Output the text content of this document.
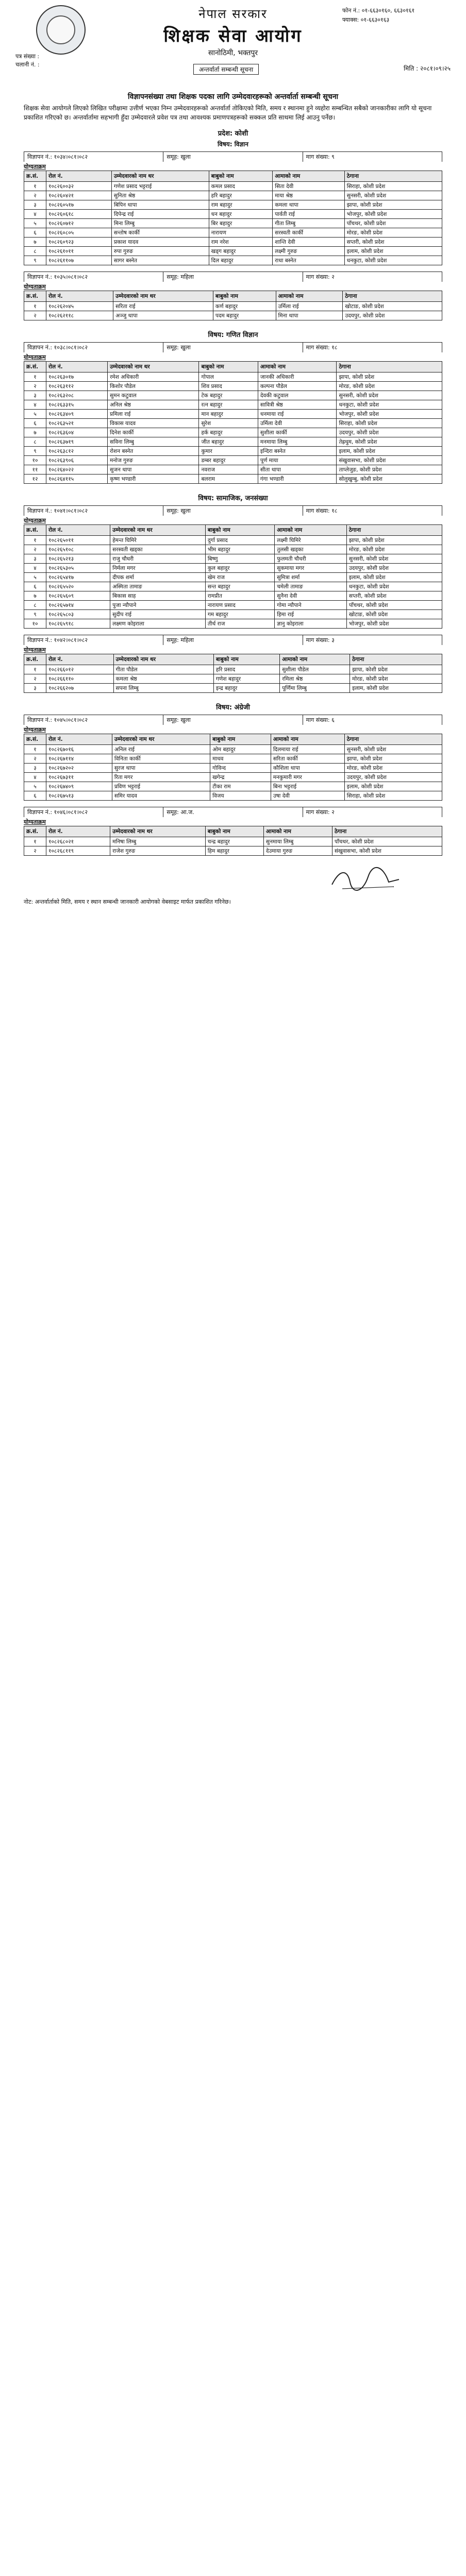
नेपाल सरकार
शिक्षक सेवा आयोग
सानोठिमी, भक्तपुर
फोन नं.: ०१-६६३०१६०, ६६३०१६१
फ्याक्स: ०१-६६३०१६३
पत्र संख्या :
चलानी नं. :
अन्तर्वार्ता सम्बन्धी सूचना	मिति : २०८१।०९।२५
विज्ञापनसंख्या तथा शिक्षक पदका लागि उम्मेदवारहरूको अन्तर्वार्ता सम्बन्धी सूचना
शिक्षक सेवा आयोगले लिएको लिखित परीक्षामा उत्तीर्ण भएका निम्न उम्मेदवारहरूको अन्तर्वार्ता तोकिएको मिति, समय र स्थानमा हुने व्यहोरा सम्बन्धित सबैको जानकारीका लागि यो सूचना प्रकाशित गरिएको छ। अन्तर्वार्तामा सहभागी हुँदा उम्मेदवारले प्रवेश पत्र तथा आवश्यक प्रमाणपत्रहरूको सक्कल प्रति साथमा लिई आउनु पर्नेछ।
प्रदेश: कोशी
विषय: विज्ञान
विज्ञापन नं.: १०३४।०८१।०८२	समूह: खुला	माग संख्या: ९
योग्यताक्रम
क्र.सं.	रोल नं.	उम्मेदवारको नाम थर	बाबुको नाम	आमाको नाम	ठेगाना
१	१०८२६००३२	गणेश प्रसाद भट्टराई	कमल प्रसाद	सिता देवी	सिराहा, कोशी प्रदेश
२	१०८२६०४२१	सुनिता श्रेष्ठ	हरि बहादुर	माया श्रेष्ठ	सुनसरी, कोशी प्रदेश
३	१०८२६०५१७	बिपिन थापा	राम बहादुर	कमला थापा	झापा, कोशी प्रदेश
४	१०८२६०६१८	दिपेन्द्र राई	धन बहादुर	पार्वती राई	भोजपुर, कोशी प्रदेश
५	१०८२६०७१२	मिना लिम्बु	बिर बहादुर	गीता लिम्बु	पाँचथर, कोशी प्रदेश
६	१०८२६०८०५	सन्तोष कार्की	नारायण	सरस्वती कार्की	मोरङ, कोशी प्रदेश
७	१०८२६०९२३	प्रकाश यादव	राम नरेश	शान्ति देवी	सप्तरी, कोशी प्रदेश
८	१०८२६१०११	रुपा गुरुङ	खड्ग बहादुर	लक्ष्मी गुरुङ	इलाम, कोशी प्रदेश
९	१०८२६११०७	सागर बस्नेत	दिल बहादुर	राधा बस्नेत	धनकुटा, कोशी प्रदेश
विज्ञापन नं.: १०३५।०८१।०८२	समूह: महिला	माग संख्या: २
योग्यताक्रम
क्र.सं.	रोल नं.	उम्मेदवारको नाम थर	बाबुको नाम	आमाको नाम	ठेगाना
१	१०८२६२०४५	सरिता राई	कर्ण बहादुर	उर्मिला राई	खोटाङ, कोशी प्रदेश
२	१०८२६२११८	अञ्जु थापा	पदम बहादुर	मिना थापा	उदयपुर, कोशी प्रदेश
विषय: गणित विज्ञान
विज्ञापन नं.: १०३८।०८१।०८२	समूह: खुला	माग संख्या: १८
योग्यताक्रम
क्र.सं.	रोल नं.	उम्मेदवारको नाम थर	बाबुको नाम	आमाको नाम	ठेगाना
१	१०८२६३०१७	रमेश अधिकारी	गोपाल	जानकी अधिकारी	झापा, कोशी प्रदेश
२	१०८२६३११२	किशोर पौडेल	शिव प्रसाद	कल्पना पौडेल	मोरङ, कोशी प्रदेश
३	१०८२६३२०८	सुमन कटुवाल	टेक बहादुर	देवकी कटुवाल	सुनसरी, कोशी प्रदेश
४	१०८२६३३१५	अनिल श्रेष्ठ	रत्न बहादुर	सावित्री श्रेष्ठ	धनकुटा, कोशी प्रदेश
५	१०८२६३४०९	प्रमिला राई	मान बहादुर	धनमाया राई	भोजपुर, कोशी प्रदेश
६	१०८२६३५२१	विकास यादव	सुरेश	उर्मिला देवी	सिराहा, कोशी प्रदेश
७	१०८२६३६०४	दिनेश कार्की	हर्क बहादुर	सुशीला कार्की	उदयपुर, कोशी प्रदेश
८	१०८२६३७१९	सविना लिम्बु	जीत बहादुर	मनमाया लिम्बु	तेह्रथुम, कोशी प्रदेश
९	१०८२६३८१२	रोशन बस्नेत	कुमार	इन्दिरा बस्नेत	इलाम, कोशी प्रदेश
१०	१०८२६३९०६	मनोज गुरुङ	डम्बर बहादुर	पूर्ण माया	संखुवासभा, कोशी प्रदेश
११	१०८२६४०२२	सुजन थापा	नवराज	सीता थापा	ताप्लेजुङ, कोशी प्रदेश
१२	१०८२६४११५	कृष्ण भण्डारी	बलराम	गंगा भण्डारी	सोलुखुम्बु, कोशी प्रदेश
विषय: सामाजिक, जनसंख्या
विज्ञापन नं.: १०४१।०८१।०८२	समूह: खुला	माग संख्या: १८
योग्यताक्रम
क्र.सं.	रोल नं.	उम्मेदवारको नाम थर	बाबुको नाम	आमाको नाम	ठेगाना
१	१०८२६५०११	हेमन्त घिमिरे	दुर्गा प्रसाद	लक्ष्मी घिमिरे	झापा, कोशी प्रदेश
२	१०८२६५१०८	सरस्वती खड्का	भीम बहादुर	तुलसी खड्का	मोरङ, कोशी प्रदेश
३	१०८२६५२१३	राजु चौधरी	बिष्णु	फुलमती चौधरी	सुनसरी, कोशी प्रदेश
४	१०८२६५३०५	निर्मला मगर	कुल बहादुर	सुकमाया मगर	उदयपुर, कोशी प्रदेश
५	१०८२६५४१७	दीपक शर्मा	खेम राज	सुमित्रा शर्मा	इलाम, कोशी प्रदेश
६	१०८२६५५२०	अस्मिता तामाङ	सन्त बहादुर	चमेली तामाङ	धनकुटा, कोशी प्रदेश
७	१०८२६५६०९	बिकास साह	रामप्रीत	सुनैना देवी	सप्तरी, कोशी प्रदेश
८	१०८२६५७१४	पुजा न्यौपाने	नारायण प्रसाद	गोमा न्यौपाने	पाँचथर, कोशी प्रदेश
९	१०८२६५८०३	सुदीप राई	गम बहादुर	हिमा राई	खोटाङ, कोशी प्रदेश
१०	१०८२६५९१८	लक्ष्मण कोइराला	तीर्थ राज	ज्ञानु कोइराला	भोजपुर, कोशी प्रदेश
विज्ञापन नं.: १०४२।०८१।०८२	समूह: महिला	माग संख्या: ३
योग्यताक्रम
क्र.सं.	रोल नं.	उम्मेदवारको नाम थर	बाबुको नाम	आमाको नाम	ठेगाना
१	१०८२६६०१२	गीता पौडेल	हरि प्रसाद	सुशीला पौडेल	झापा, कोशी प्रदेश
२	१०८२६६११०	कमला श्रेष्ठ	गणेश बहादुर	रमिला श्रेष्ठ	मोरङ, कोशी प्रदेश
३	१०८२६६२०७	सपना लिम्बु	इन्द्र बहादुर	पूर्णिमा लिम्बु	इलाम, कोशी प्रदेश
विषय: अंग्रेजी
विज्ञापन नं.: १०४५।०८१।०८२	समूह: खुला	माग संख्या: ६
योग्यताक्रम
क्र.सं.	रोल नं.	उम्मेदवारको नाम थर	बाबुको नाम	आमाको नाम	ठेगाना
१	१०८२६७०१६	अनिल राई	ओम बहादुर	दिलमाया राई	सुनसरी, कोशी प्रदेश
२	१०८२६७११४	विनिता कार्की	माधव	सरिता कार्की	झापा, कोशी प्रदेश
३	१०८२६७२०२	सुरज थापा	गोविन्द	कौशिला थापा	मोरङ, कोशी प्रदेश
४	१०८२६७३११	रिता मगर	खगेन्द्र	मनकुमारी मगर	उदयपुर, कोशी प्रदेश
५	१०८२६७४०९	प्रविण भट्टराई	टीका राम	बिना भट्टराई	इलाम, कोशी प्रदेश
६	१०८२६७५१३	समिर यादव	विजय	उषा देवी	सिराहा, कोशी प्रदेश
विज्ञापन नं.: १०४६।०८१।०८२	समूह: आ.ज.	माग संख्या: २
योग्यताक्रम
क्र.सं.	रोल नं.	उम्मेदवारको नाम थर	बाबुको नाम	आमाको नाम	ठेगाना
१	१०८२६८०२१	मनिषा लिम्बु	चन्द्र बहादुर	सुनमाया लिम्बु	पाँचथर, कोशी प्रदेश
२	१०८२६८११९	राजेश गुरुङ	हिम बहादुर	देउमाया गुरुङ	संखुवासभा, कोशी प्रदेश
नोट: अन्तर्वार्ताको मिति, समय र स्थान सम्बन्धी जानकारी आयोगको वेबसाइट मार्फत प्रकाशित गरिनेछ।
